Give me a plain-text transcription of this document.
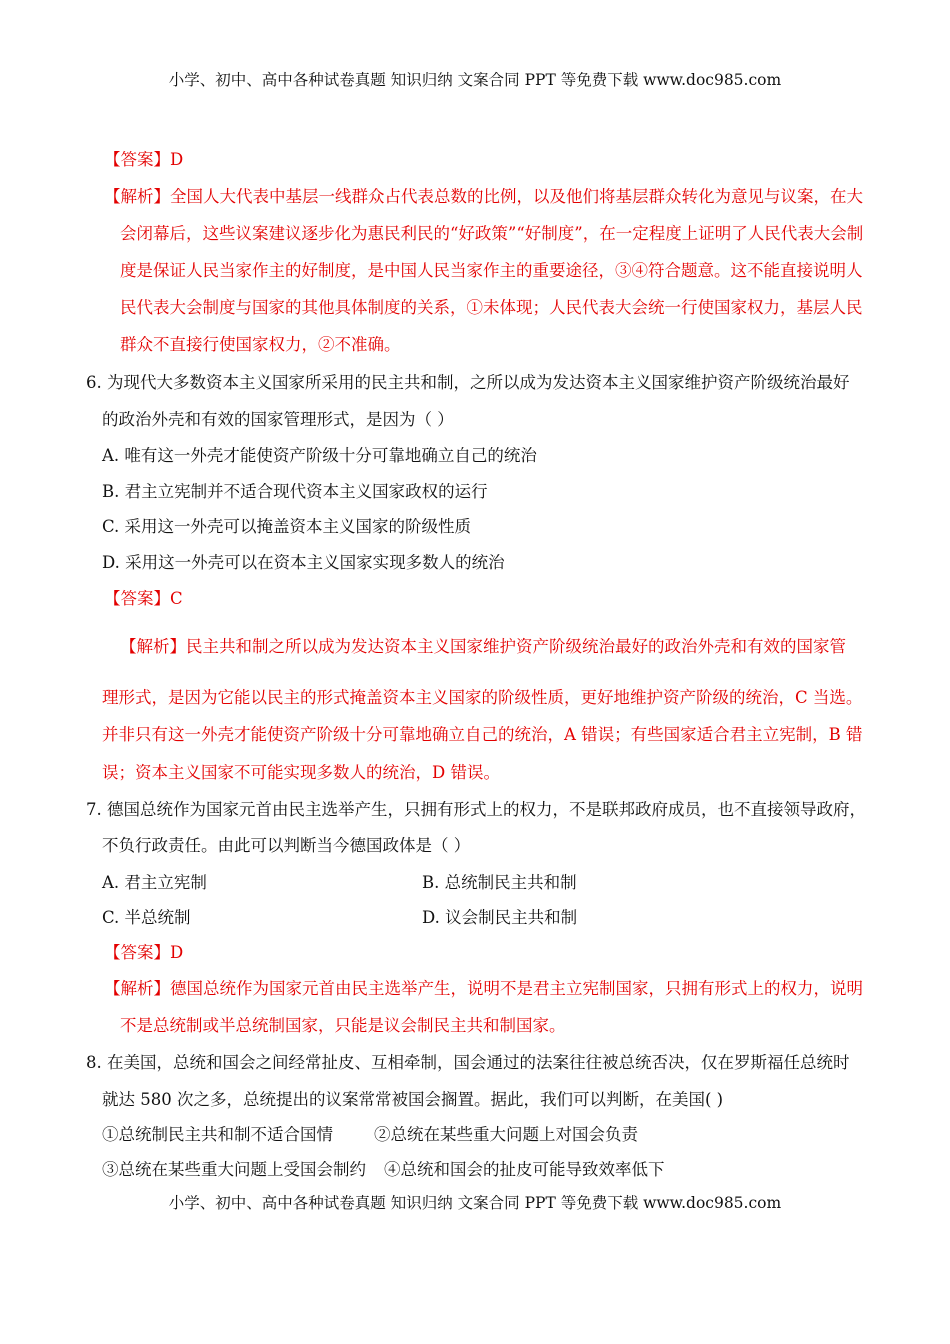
小学、初中、高中各种试卷真题 知识归纳 文案合同 PPT 等免费下载 www.doc985.com
【答案】D
【解析】全国人大代表中基层一线群众占代表总数的比例，以及他们将基层群众转化为意见与议案，在大
会闭幕后，这些议案建议逐步化为惠民利民的“好政策”“好制度”，在一定程度上证明了人民代表大会制
度是保证人民当家作主的好制度，是中国人民当家作主的重要途径，③④符合题意。这不能直接说明人
民代表大会制度与国家的其他具体制度的关系，①未体现；人民代表大会统一行使国家权力，基层人民
群众不直接行使国家权力，②不准确。
6. 为现代大多数资本主义国家所采用的民主共和制，之所以成为发达资本主义国家维护资产阶级统治最好
的政治外壳和有效的国家管理形式，是因为（ ）
A. 唯有这一外壳才能使资产阶级十分可靠地确立自己的统治
B. 君主立宪制并不适合现代资本主义国家政权的运行
C. 采用这一外壳可以掩盖资本主义国家的阶级性质
D. 采用这一外壳可以在资本主义国家实现多数人的统治
【答案】C
【解析】民主共和制之所以成为发达资本主义国家维护资产阶级统治最好的政治外壳和有效的国家管
理形式，是因为它能以民主的形式掩盖资本主义国家的阶级性质，更好地维护资产阶级的统治，C 当选。
并非只有这一外壳才能使资产阶级十分可靠地确立自己的统治，A 错误；有些国家适合君主立宪制，B 错
误；资本主义国家不可能实现多数人的统治，D 错误。
7. 德国总统作为国家元首由民主选举产生，只拥有形式上的权力，不是联邦政府成员，也不直接领导政府，
不负行政责任。由此可以判断当今德国政体是（ ）
A. 君主立宪制	B. 总统制民主共和制
C. 半总统制	D. 议会制民主共和制
【答案】D
【解析】德国总统作为国家元首由民主选举产生，说明不是君主立宪制国家，只拥有形式上的权力，说明
不是总统制或半总统制国家，只能是议会制民主共和制国家。
8. 在美国，总统和国会之间经常扯皮、互相牵制，国会通过的法案往往被总统否决，仅在罗斯福任总统时
就达 580 次之多，总统提出的议案常常被国会搁置。据此，我们可以判断，在美国( )
①总统制民主共和制不适合国情 ②总统在某些重大问题上对国会负责
③总统在某些重大问题上受国会制约 ④总统和国会的扯皮可能导致效率低下
小学、初中、高中各种试卷真题 知识归纳 文案合同 PPT 等免费下载 www.doc985.com
